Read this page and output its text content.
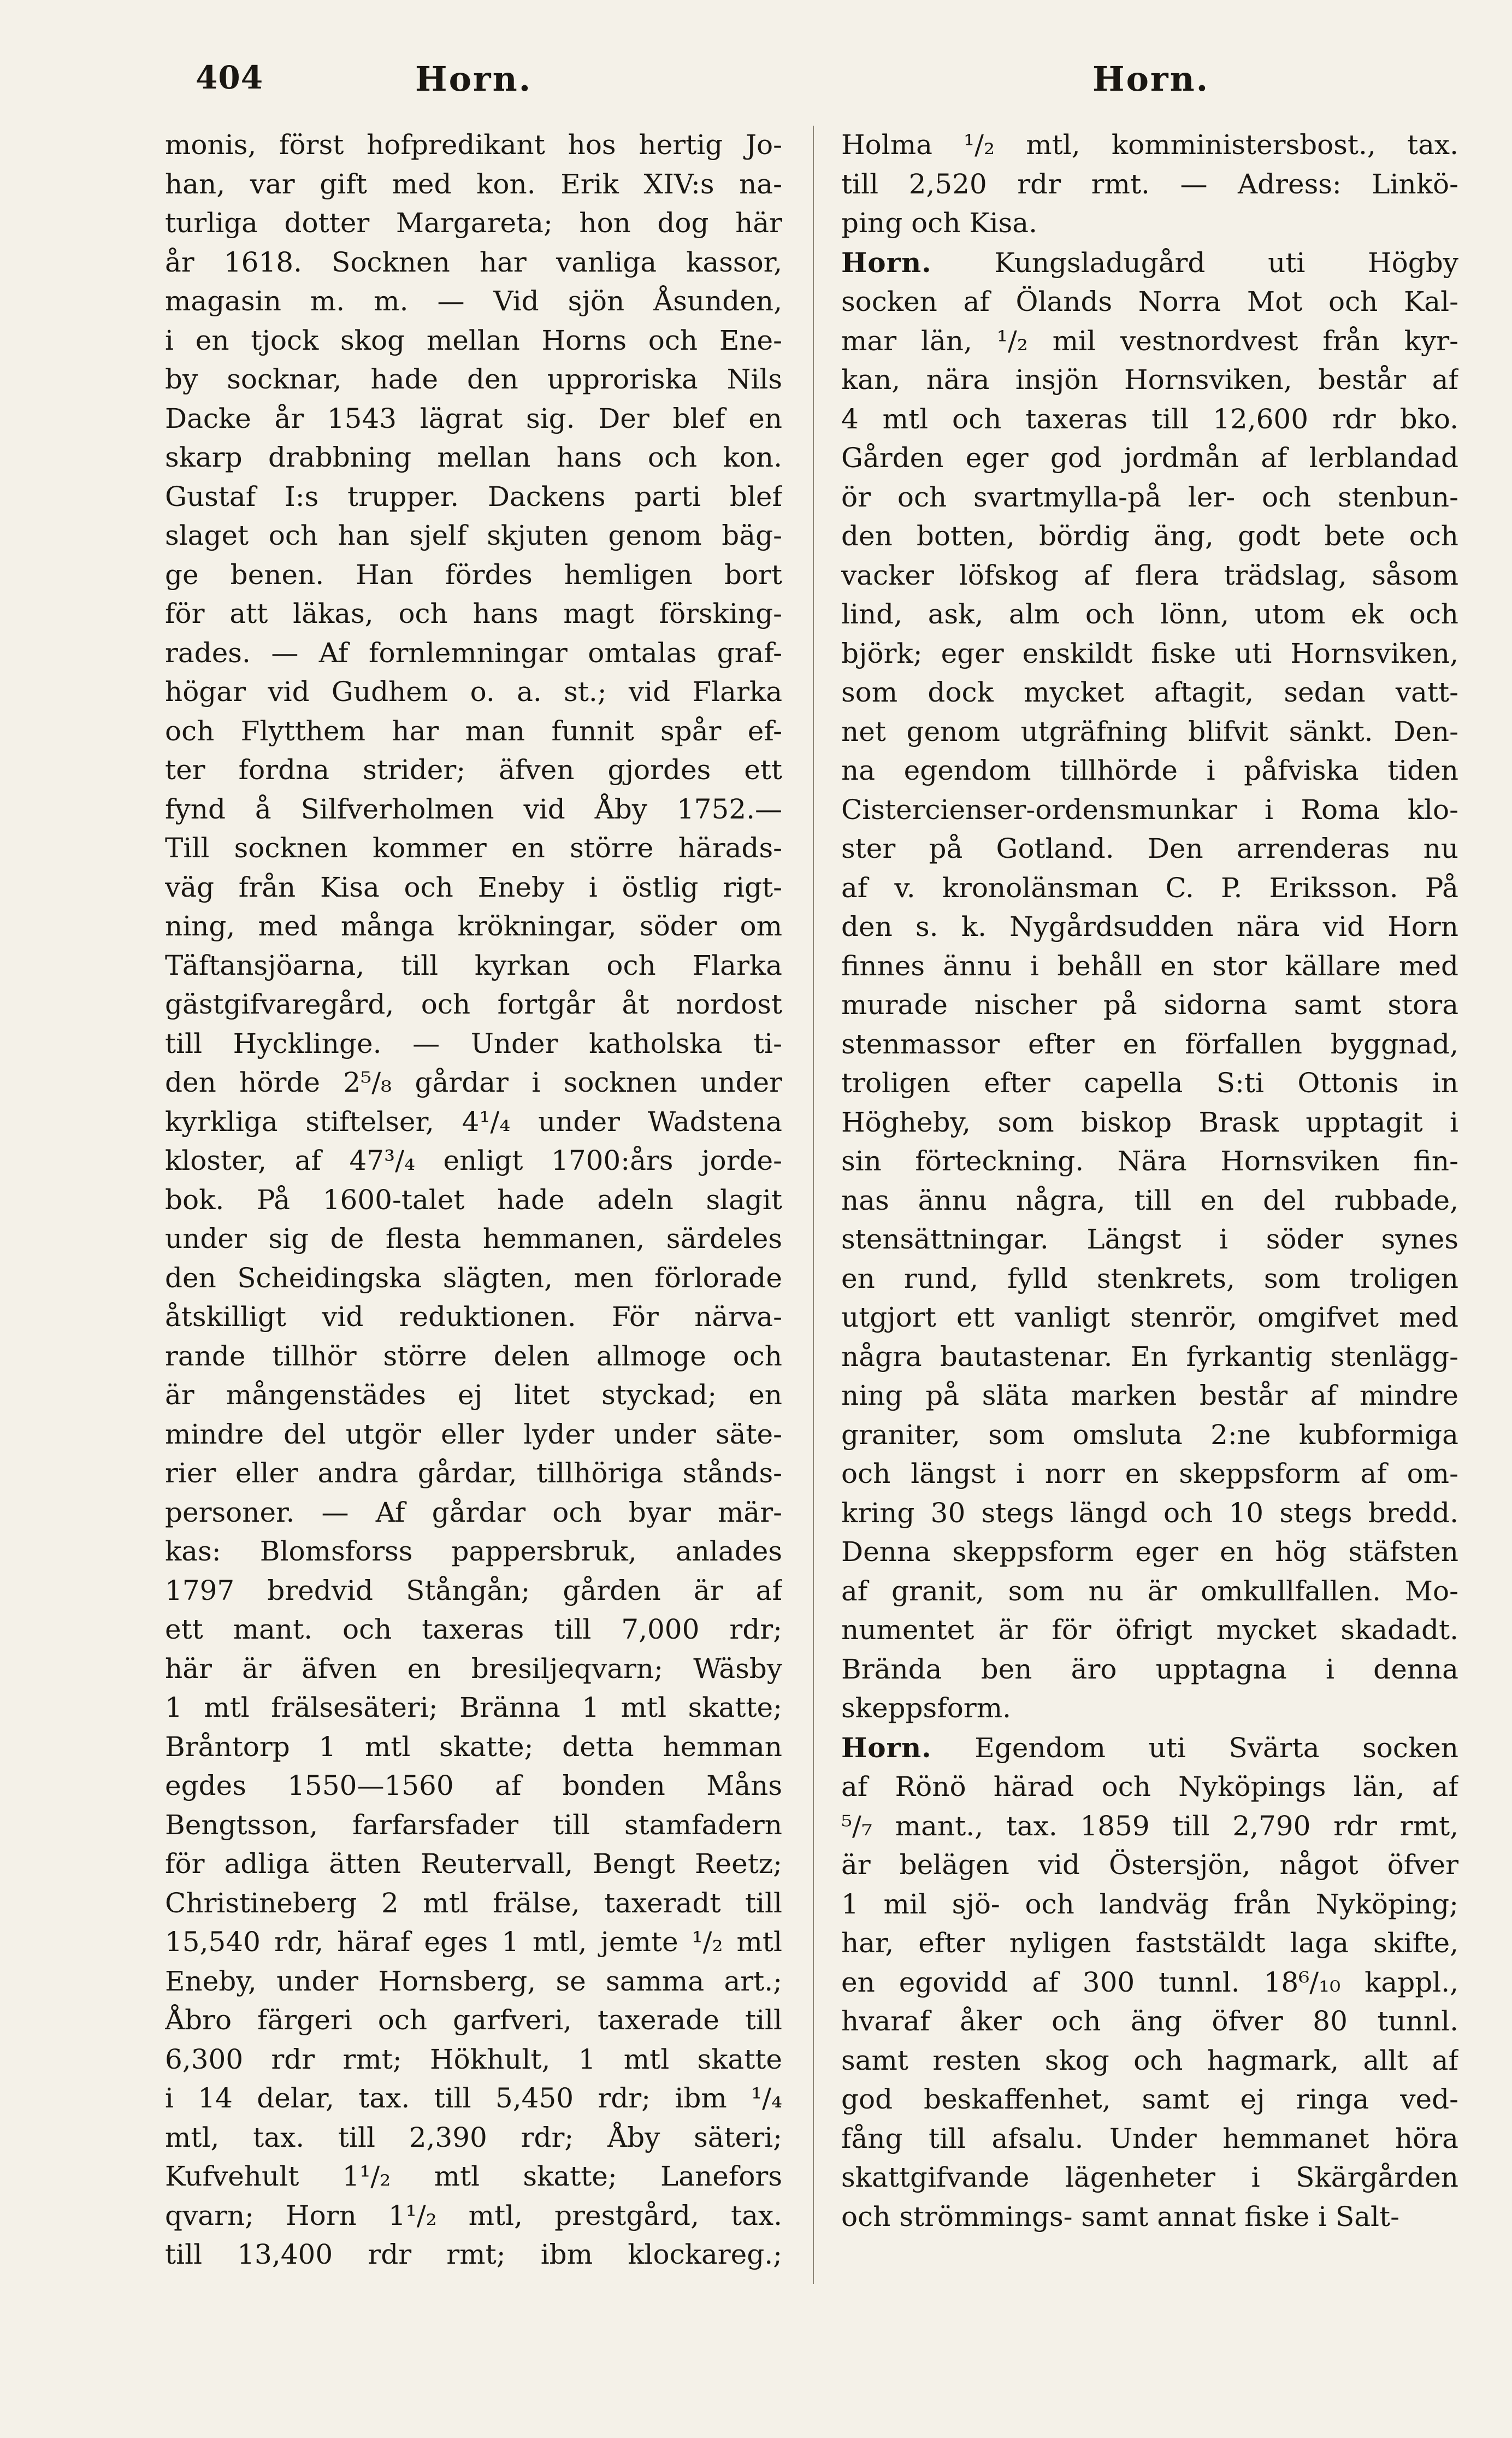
404	Horn.	Horn.
monis, först hofpredikant hos hertig Jo-
han, var gift med kon. Erik XIV:s na-
turliga dotter Margareta; hon dog här
år 1618. Socknen har vanliga kassor,
magasin m. m. — Vid sjön Åsunden,
i en tjock skog mellan Horns och Ene-
by socknar, hade den upproriska Nils
Dacke år 1543 lägrat sig. Der blef en
skarp drabbning mellan hans och kon.
Gustaf I:s trupper. Dackens parti blef
slaget och han sjelf skjuten genom bäg-
ge benen. Han fördes hemligen bort
för att läkas, och hans magt försking-
rades. — Af fornlemningar omtalas graf-
högar vid Gudhem o. a. st.; vid Flarka
och Flytthem har man funnit spår ef-
ter fordna strider; äfven gjordes ett
fynd å Silfverholmen vid Åby 1752.—
Till socknen kommer en större härads-
väg från Kisa och Eneby i östlig rigt-
ning, med många krökningar, söder om
Täftansjöarna, till kyrkan och Flarka
gästgifvaregård, och fortgår åt nordost
till Hycklinge. — Under katholska ti-
den hörde 2⁵/₈ gårdar i socknen under
kyrkliga stiftelser, 4¹/₄ under Wadstena
kloster, af 47³/₄ enligt 1700:års jorde-
bok. På 1600-talet hade adeln slagit
under sig de flesta hemmanen, särdeles
den Scheidingska slägten, men förlorade
åtskilligt vid reduktionen. För närva-
rande tillhör större delen allmoge och
är mångenstädes ej litet styckad; en
mindre del utgör eller lyder under säte-
rier eller andra gårdar, tillhöriga stånds-
personer. — Af gårdar och byar mär-
kas: Blomsforss pappersbruk, anlades
1797 bredvid Stångån; gården är af
ett mant. och taxeras till 7,000 rdr;
här är äfven en bresiljeqvarn; Wäsby
1 mtl frälsesäteri; Bränna 1 mtl skatte;
Bråntorp 1 mtl skatte; detta hemman
egdes 1550—1560 af bonden Måns
Bengtsson, farfarsfader till stamfadern
för adliga ätten Reutervall, Bengt Reetz;
Christineberg 2 mtl frälse, taxeradt till
15,540 rdr, häraf eges 1 mtl, jemte ¹/₂ mtl
Eneby, under Hornsberg, se samma art.;
Åbro färgeri och garfveri, taxerade till
6,300 rdr rmt; Hökhult, 1 mtl skatte
i 14 delar, tax. till 5,450 rdr; ibm ¹/₄
mtl, tax. till 2,390 rdr; Åby säteri;
Kufvehult 1¹/₂ mtl skatte; Lanefors
qvarn; Horn 1¹/₂ mtl, prestgård, tax.
till 13,400 rdr rmt; ibm klockareg.;
Holma ¹/₂ mtl, komministersbost., tax.
till 2,520 rdr rmt. — Adress: Linkö-
ping och Kisa.
Horn. Kungsladugård uti Högby
socken af Ölands Norra Mot och Kal-
mar län, ¹/₂ mil vestnordvest från kyr-
kan, nära insjön Hornsviken, består af
4 mtl och taxeras till 12,600 rdr bko.
Gården eger god jordmån af lerblandad
ör och svartmylla-på ler- och stenbun-
den botten, bördig äng, godt bete och
vacker löfskog af flera trädslag, såsom
lind, ask, alm och lönn, utom ek och
björk; eger enskildt fiske uti Hornsviken,
som dock mycket aftagit, sedan vatt-
net genom utgräfning blifvit sänkt. Den-
na egendom tillhörde i påfviska tiden
Cistercienser-ordensmunkar i Roma klo-
ster på Gotland. Den arrenderas nu
af v. kronolänsman C. P. Eriksson. På
den s. k. Nygårdsudden nära vid Horn
finnes ännu i behåll en stor källare med
murade nischer på sidorna samt stora
stenmassor efter en förfallen byggnad,
troligen efter capella S:ti Ottonis in
Högheby, som biskop Brask upptagit i
sin förteckning. Nära Hornsviken fin-
nas ännu några, till en del rubbade,
stensättningar. Längst i söder synes
en rund, fylld stenkrets, som troligen
utgjort ett vanligt stenrör, omgifvet med
några bautastenar. En fyrkantig stenlägg-
ning på släta marken består af mindre
graniter, som omsluta 2:ne kubformiga
och längst i norr en skeppsform af om-
kring 30 stegs längd och 10 stegs bredd.
Denna skeppsform eger en hög stäfsten
af granit, som nu är omkullfallen. Mo-
numentet är för öfrigt mycket skadadt.
Brända ben äro upptagna i denna
skeppsform.
Horn. Egendom uti Svärta socken
af Rönö härad och Nyköpings län, af
⁵/₇ mant., tax. 1859 till 2,790 rdr rmt,
är belägen vid Östersjön, något öfver
1 mil sjö- och landväg från Nyköping;
har, efter nyligen faststäldt laga skifte,
en egovidd af 300 tunnl. 18⁶/₁₀ kappl.,
hvaraf åker och äng öfver 80 tunnl.
samt resten skog och hagmark, allt af
god beskaffenhet, samt ej ringa ved-
fång till afsalu. Under hemmanet höra
skattgifvande lägenheter i Skärgården
och strömmings- samt annat fiske i Salt-
